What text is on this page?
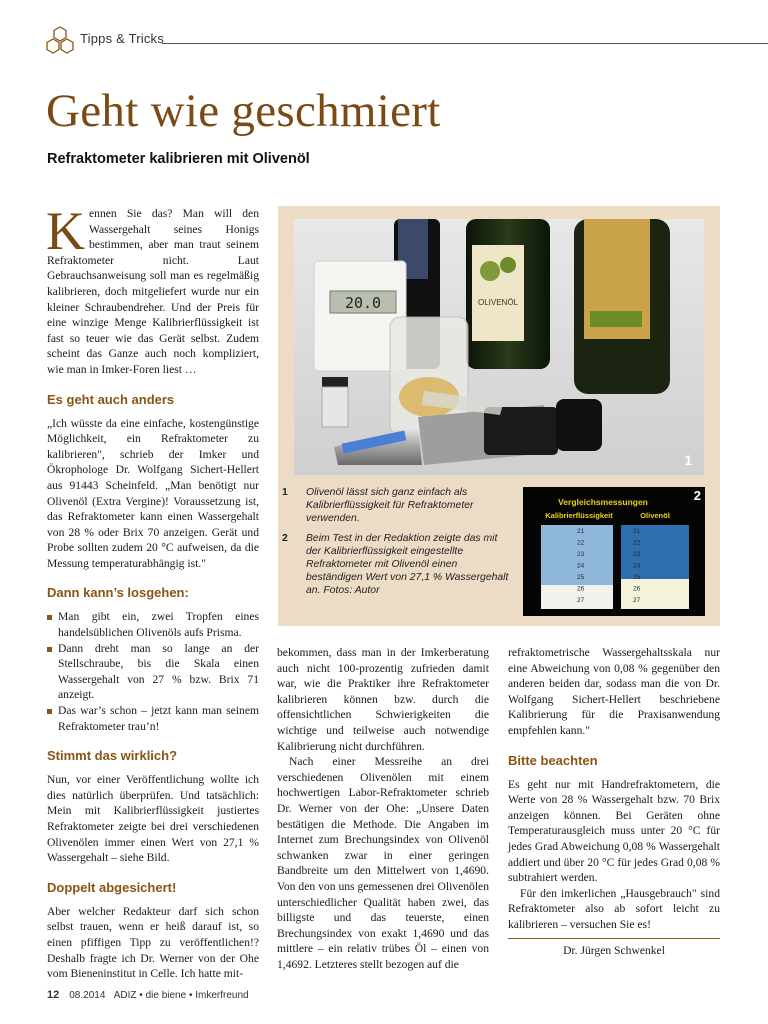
Tipps & Tricks
Geht wie geschmiert
Refraktometer kalibrieren mit Olivenöl

Kennen Sie das? Man will den Wassergehalt seines Honigs bestimmen, aber man traut seinem Refraktometer nicht. Laut Gebrauchsanweisung soll man es regelmäßig kalibrieren, doch mitgeliefert wurde nur ein kleiner Schraubendreher. Und der Preis für eine winzige Menge Kalibrierflüssigkeit ist fast so teuer wie das Gerät selbst. Zudem scheint das Ganze auch noch kompliziert, wie man in Imker-Foren liest …

Es geht auch anders

„Ich wüsste da eine einfache, kostengünstige Möglichkeit, ein Refraktometer zu kalibrieren", schrieb der Imker und Ökrophologe Dr. Wolfgang Sichert-Hellert aus 91443 Scheinfeld. „Man benötigt nur Olivenöl (Extra Vergine)! Voraussetzung ist, das Refraktometer kann einen Wassergehalt von 28 % oder Brix 70 anzeigen. Gerät und Probe sollten zudem 20 °C aufweisen, da die Messung temperaturabhängig ist."

Dann kann’s losgehen:
Man gibt ein, zwei Tropfen eines handelsüblichen Olivenöls aufs Prisma.
Dann dreht man so lange an der Stellschraube, bis die Skala einen Wassergehalt von 27 % bzw. Brix 71 anzeigt.
Das war’s schon – jetzt kann man seinem Refraktometer trau’n!
Stimmt das wirklich?

Nun, vor einer Veröffentlichung wollte ich dies natürlich überprüfen. Und tatsächlich: Mein mit Kalibrierflüssigkeit justiertes Refraktometer zeigte bei drei verschiedenen Olivenölen immer einen Wert von 27,1 % Wassergehalt – siehe Bild.

Doppelt abgesichert!

Aber welcher Redakteur darf sich schon selbst trauen, wenn er heiß darauf ist, so einen pfiffigen Tipp zu veröffentlichen!? Deshalb fragte ich Dr. Werner von der Ohe vom Bieneninstitut in Celle. Ich hatte mit-

OLIVENÖL
20.0
1
1 Olivenöl lässt sich ganz einfach als Kalibrierflüssigkeit für Refraktometer verwenden.
2 Beim Test in der Redaktion zeigte das mit der Kalibrierflüssigkeit eingestellte Refraktometer mit Olivenöl einen beständigen Wert von 27,1 % Wassergehalt an. Fotos: Autor
Vergleichsmessungen
Kalibrierflüssigkeit	Olivenöl
2
21
22
23
24
25
26
27
21
22
23
24
25
26
27

bekommen, dass man in der Imkerberatung auch nicht 100-prozentig zufrieden damit war, wie die Praktiker ihre Refraktometer kalibrieren können bzw. durch die offensichtlichen Schwierigkeiten die wichtige und teilweise auch notwendige Kalibrierung nicht durchführen.

Nach einer Messreihe an drei verschiedenen Olivenölen mit einem hochwertigen Labor-Refraktometer schrieb Dr. Werner von der Ohe: „Unsere Daten bestätigen die Methode. Die Angaben im Internet zum Brechungsindex von Olivenöl schwanken zwar in einer geringen Bandbreite um den Mittelwert von 1,4690. Von den von uns gemessenen drei Olivenölen unterschiedlicher Qualität haben zwei, das billigste und das teuerste, einen Brechungsindex von exakt 1,4690 und das mittlere – ein relativ trübes Öl – einen von 1,4692. Letzteres stellt bezogen auf die

refraktometrische Wassergehaltsskala nur eine Abweichung von 0,08 % gegenüber den anderen beiden dar, sodass man die von Dr. Wolfgang Sichert-Hellert beschriebene Kalibrierung für die Praxisanwendung empfehlen kann."

Bitte beachten

Es geht nur mit Handrefraktometern, die Werte von 28 % Wassergehalt bzw. 70 Brix anzeigen können. Bei Geräten ohne Temperaturausgleich muss unter 20 °C für jedes Grad Abweichung 0,08 % Wassergehalt addiert und über 20 °C für jedes Grad 0,08 % subtrahiert werden.

Für den imkerlichen „Hausgebrauch" sind Refraktometer also ab sofort leicht zu kalibrieren – versuchen Sie es!

Dr. Jürgen Schwenkel
12 08.2014 ADIZ • die biene • Imkerfreund
